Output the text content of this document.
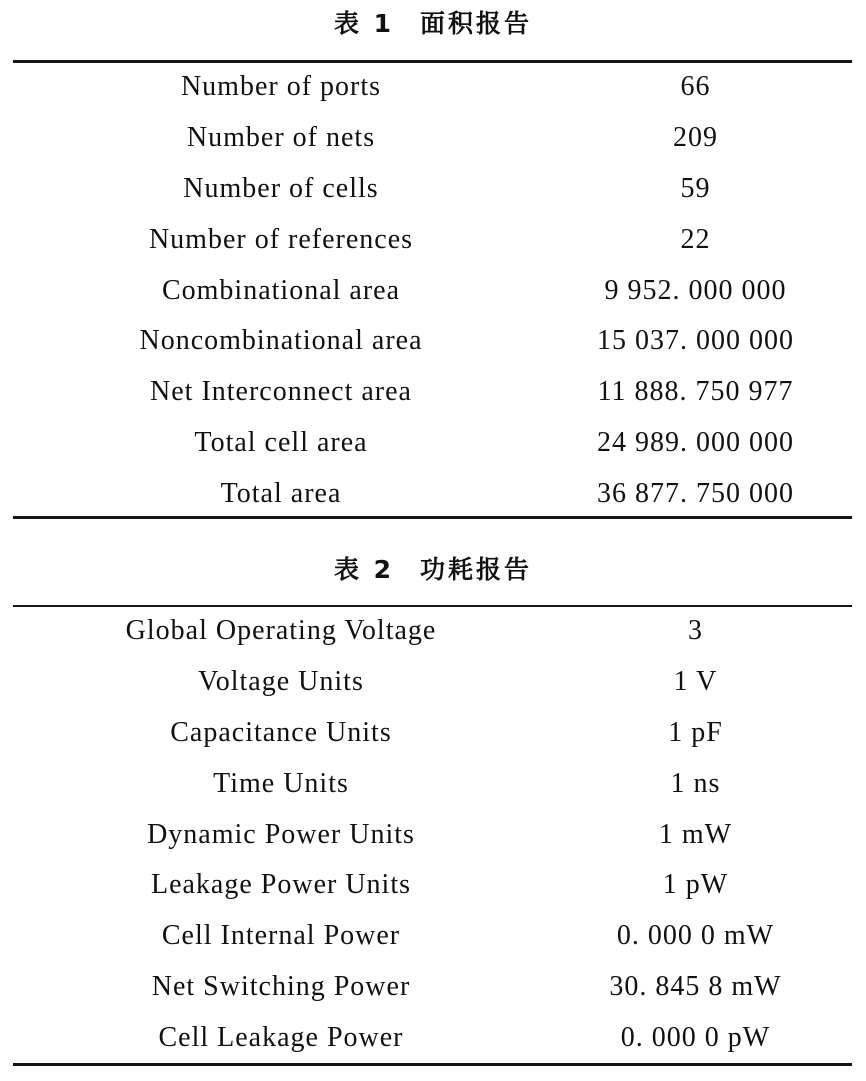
表 1 面积报告
Number of ports	66
Number of nets	209
Number of cells	59
Number of references	22
Combinational area	9 952. 000 000
Noncombinational area	15 037. 000 000
Net Interconnect area	11 888. 750 977
Total cell area	24 989. 000 000
Total area	36 877. 750 000
表 2 功耗报告
Global Operating Voltage	3
Voltage Units	1 V
Capacitance Units	1 pF
Time Units	1 ns
Dynamic Power Units	1 mW
Leakage Power Units	1 pW
Cell Internal Power	0. 000 0 mW
Net Switching Power	30. 845 8 mW
Cell Leakage Power	0. 000 0 pW
